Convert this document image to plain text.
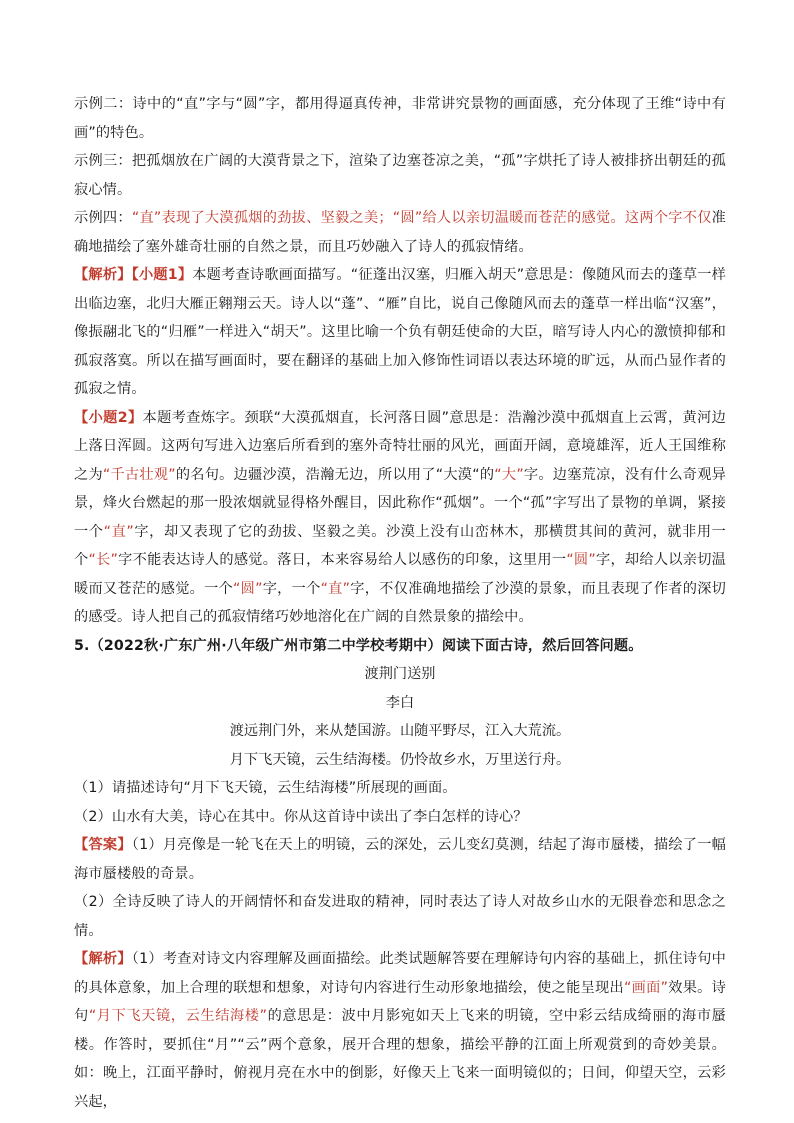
示例二：诗中的“直”字与“圆”字，都用得逼真传神，非常讲究景物的画面感，充分体现了王维“诗中有画”的特色。

示例三：把孤烟放在广阔的大漠背景之下，渲染了边塞苍凉之美，“孤”字烘托了诗人被排挤出朝廷的孤寂心情。

示例四：“直”表现了大漠孤烟的劲拔、坚毅之美；“圆”给人以亲切温暖而苍茫的感觉。这两个字不仅准确地描绘了塞外雄奇壮丽的自然之景，而且巧妙融入了诗人的孤寂情绪。

【解析】【小题1】本题考查诗歌画面描写。“征蓬出汉塞，归雁入胡天”意思是：像随风而去的蓬草一样出临边塞，北归大雁正翱翔云天。诗人以“蓬”、“雁”自比，说自己像随风而去的蓬草一样出临“汉塞”，像振翮北飞的“归雁”一样进入“胡天”。这里比喻一个负有朝廷使命的大臣，暗写诗人内心的激愤抑郁和孤寂落寞。所以在描写画面时，要在翻译的基础上加入修饰性词语以表达环境的旷远，从而凸显作者的孤寂之情。

【小题2】本题考查炼字。颈联“大漠孤烟直，长河落日圆”意思是：浩瀚沙漠中孤烟直上云霄，黄河边上落日浑圆。这两句写进入边塞后所看到的塞外奇特壮丽的风光，画面开阔，意境雄浑，近人王国维称之为“千古壮观”的名句。边疆沙漠，浩瀚无边，所以用了“大漠“的“大”字。边塞荒凉，没有什么奇观异景，烽火台燃起的那一股浓烟就显得格外醒目，因此称作“孤烟”。一个“孤”字写出了景物的单调，紧接一个“直”字，却又表现了它的劲拔、坚毅之美。沙漠上没有山峦林木，那横贯其间的黄河，就非用一个“长”字不能表达诗人的感觉。落日，本来容易给人以感伤的印象，这里用一“圆”字，却给人以亲切温暖而又苍茫的感觉。一个“圆”字，一个“直”字，不仅准确地描绘了沙漠的景象，而且表现了作者的深切的感受。诗人把自己的孤寂情绪巧妙地溶化在广阔的自然景象的描绘中。

5.（2022秋·广东广州·八年级广州市第二中学校考期中）阅读下面古诗，然后回答问题。

渡荆门送别

李白

渡远荆门外，来从楚国游。山随平野尽，江入大荒流。

月下飞天镜，云生结海楼。仍怜故乡水，万里送行舟。

（1）请描述诗句“月下飞天镜，云生结海楼”所展现的画面。

（2）山水有大美，诗心在其中。你从这首诗中读出了李白怎样的诗心？

【答案】（1）月亮像是一轮飞在天上的明镜，云的深处，云儿变幻莫测，结起了海市蜃楼，描绘了一幅海市蜃楼般的奇景。

（2）全诗反映了诗人的开阔情怀和奋发进取的精神，同时表达了诗人对故乡山水的无限眷恋和思念之情。

【解析】（1）考查对诗文内容理解及画面描绘。此类试题解答要在理解诗句内容的基础上，抓住诗句中的具体意象，加上合理的联想和想象，对诗句内容进行生动形象地描绘，使之能呈现出“画面”效果。诗句“月下飞天镜，云生结海楼”的意思是：波中月影宛如天上飞来的明镜，空中彩云结成绮丽的海市蜃楼。作答时，要抓住“月”“云”两个意象，展开合理的想象，描绘平静的江面上所观赏到的奇妙美景。如：晚上，江面平静时，俯视月亮在水中的倒影，好像天上飞来一面明镜似的；日间，仰望天空，云彩兴起，
